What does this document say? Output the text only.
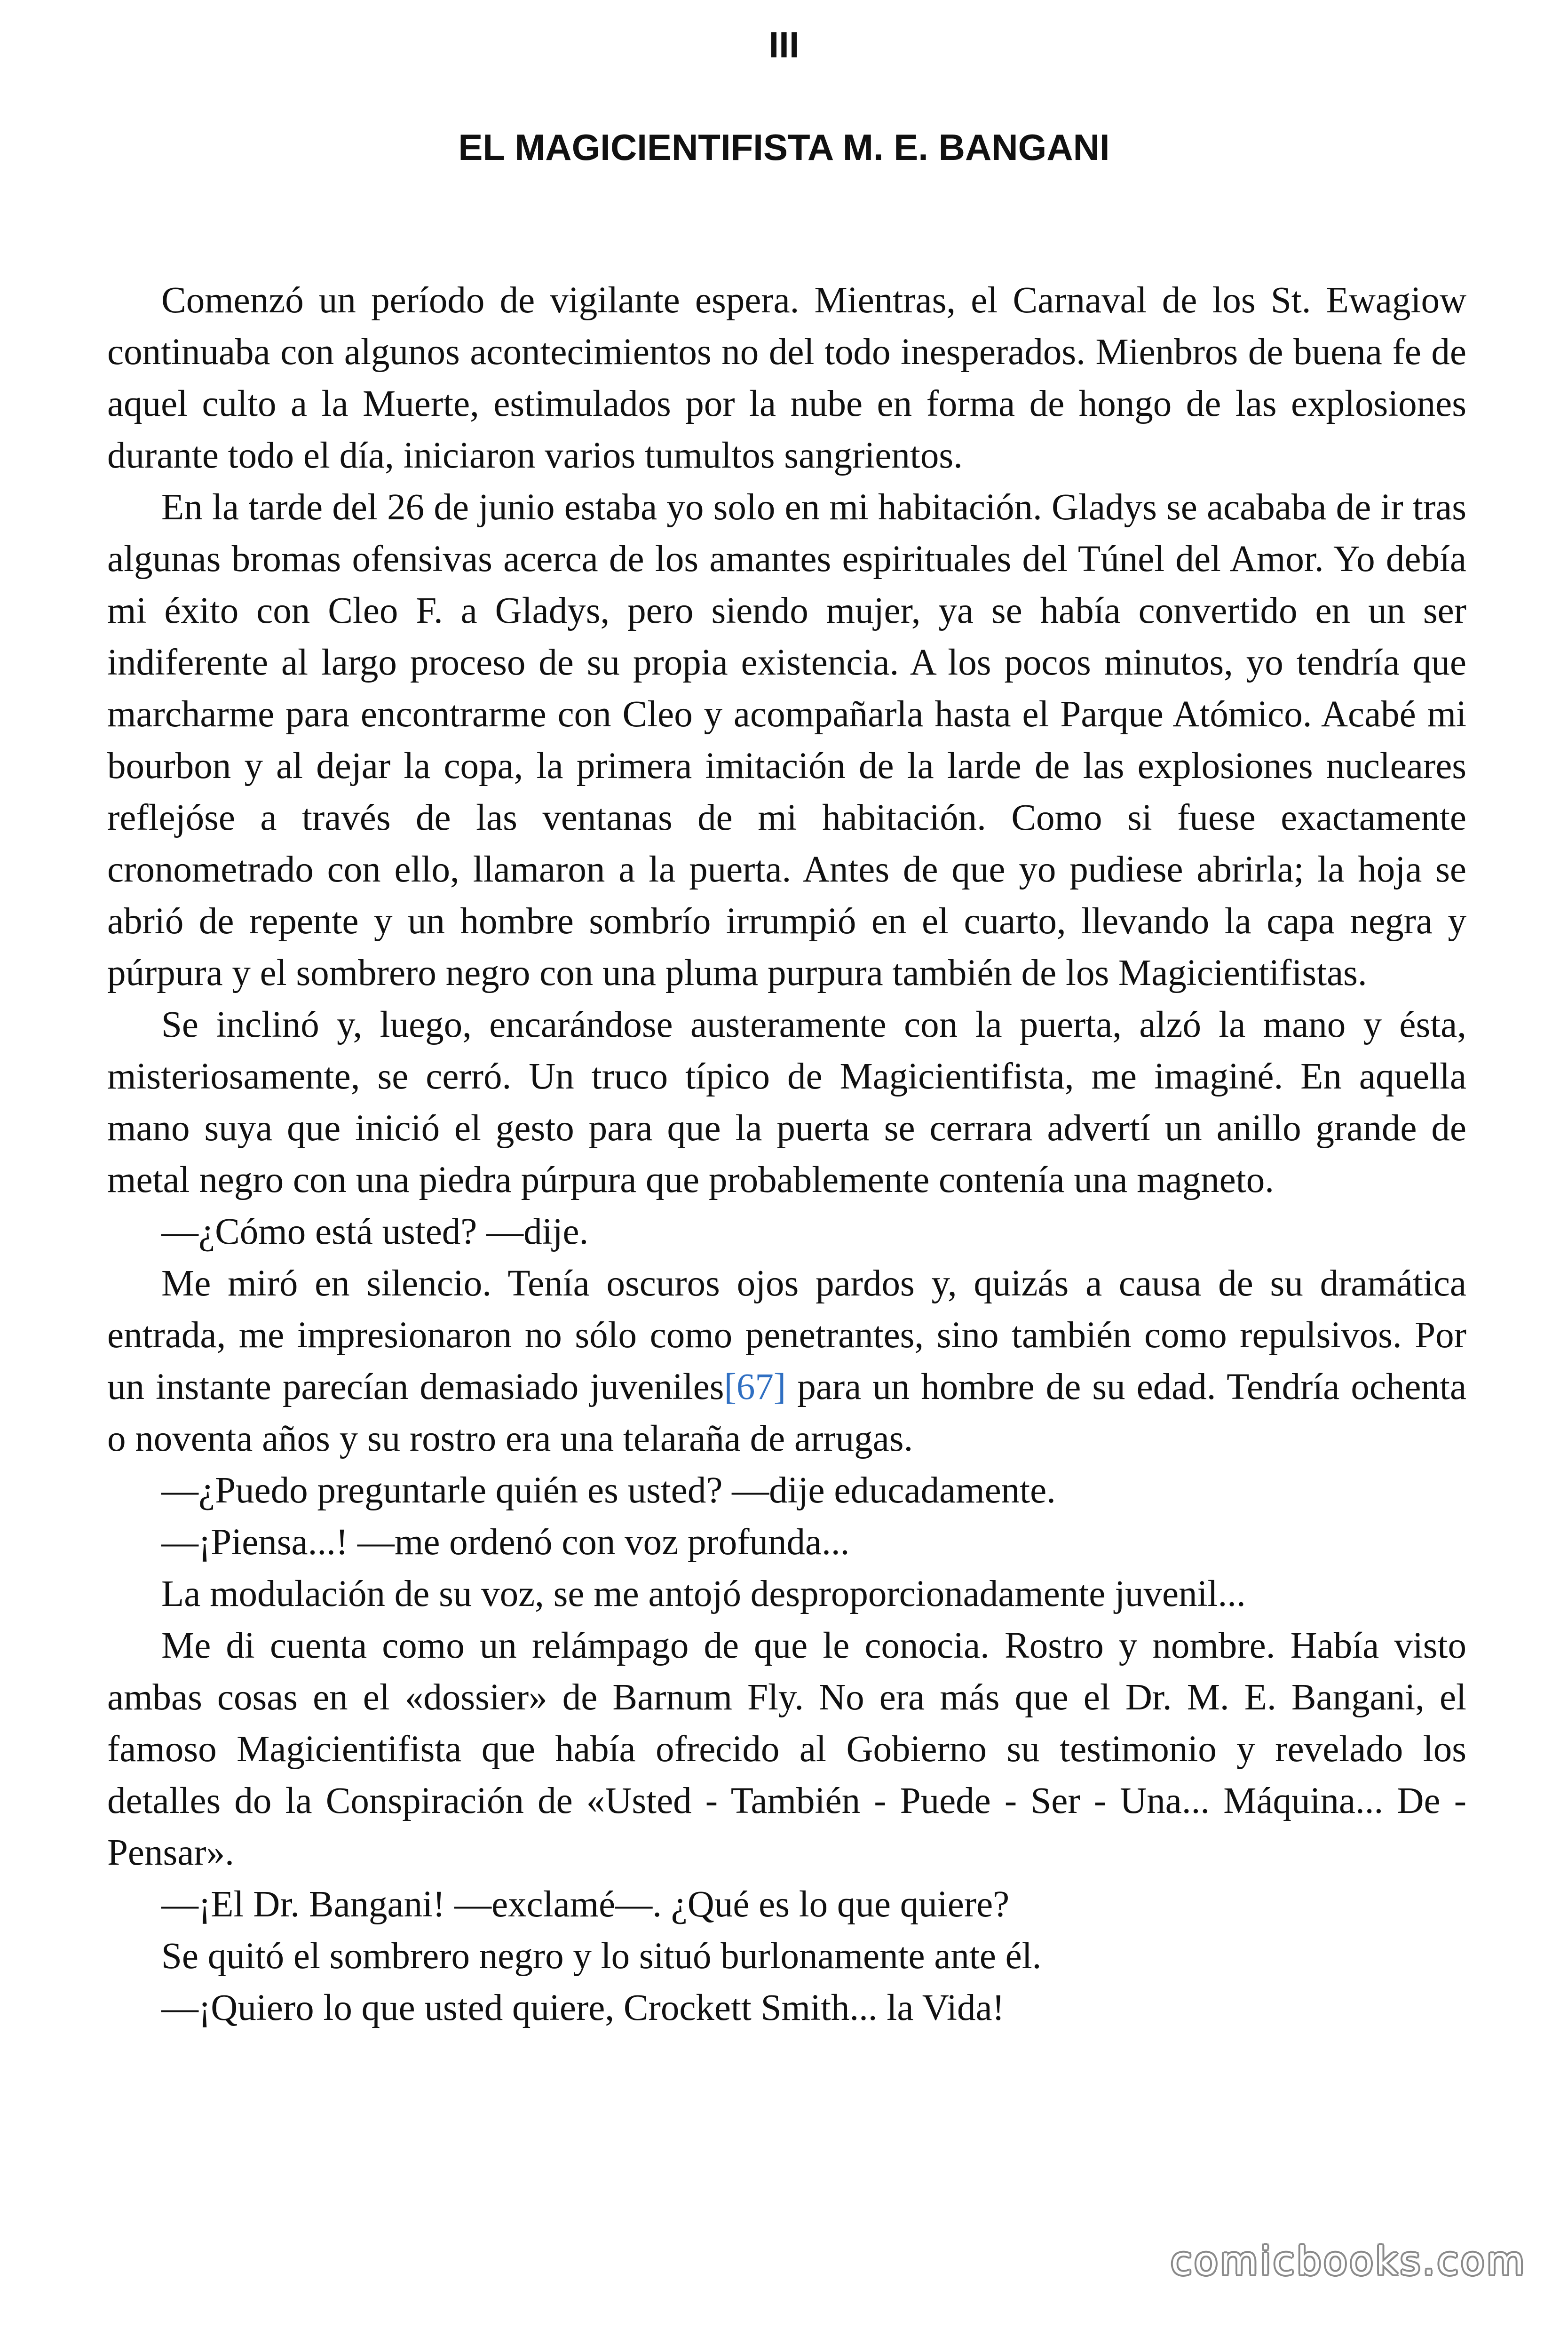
III
EL MAGICIENTIFISTA M. E. BANGANI

Comenzó un período de vigilante espera. Mientras, el Carnaval de los St. Ewagiow continuaba con algunos acontecimientos no del todo inesperados. Mienbros de buena fe de aquel culto a la Muerte, estimulados por la nube en forma de hongo de las explosiones durante todo el día, iniciaron varios tumultos sangrientos.

En la tarde del 26 de junio estaba yo solo en mi habitación. Gladys se acababa de ir tras algunas bromas ofensivas acerca de los amantes espirituales del Túnel del Amor. Yo debía mi éxito con Cleo F. a Gladys, pero siendo mujer, ya se había convertido en un ser indiferente al largo proceso de su propia existencia. A los pocos minutos, yo tendría que marcharme para encontrarme con Cleo y acompañarla hasta el Parque Atómico. Acabé mi bourbon y al dejar la copa, la primera imitación de la larde de las explosiones nucleares reflejóse a través de las ventanas de mi habitación. Como si fuese exactamente cronometrado con ello, llamaron a la puerta. Antes de que yo pudiese abrirla; la hoja se abrió de repente y un hombre sombrío irrumpió en el cuarto, llevando la capa negra y púrpura y el sombrero negro con una pluma purpura también de los Magicientifistas.

Se inclinó y, luego, encarándose austeramente con la puerta, alzó la mano y ésta, misteriosamente, se cerró. Un truco típico de Magicientifista, me imaginé. En aquella mano suya que inició el gesto para que la puerta se cerrara advertí un anillo grande de metal negro con una piedra púrpura que probablemente contenía una magneto.

—¿Cómo está usted? —dije.

Me miró en silencio. Tenía oscuros ojos pardos y, quizás a causa de su dramática entrada, me impresionaron no sólo como penetrantes, sino también como repulsivos. Por un instante parecían demasiado juveniles[67] para un hombre de su edad. Tendría ochenta o noventa años y su rostro era una telaraña de arrugas.

—¿Puedo preguntarle quién es usted? —dije educadamente.

—¡Piensa...! —me ordenó con voz profunda...

La modulación de su voz, se me antojó desproporcionadamente juvenil...

Me di cuenta como un relámpago de que le conocia. Rostro y nombre. Había visto ambas cosas en el «dossier» de Barnum Fly. No era más que el Dr. M. E. Bangani, el famoso Magicientifista que había ofrecido al Gobierno su testimonio y revelado los detalles do la Conspiración de «Usted - También - Puede - Ser - Una... Máquina... De - Pensar».

—¡El Dr. Bangani! —exclamé—. ¿Qué es lo que quiere?

Se quitó el sombrero negro y lo situó burlonamente ante él.

—¡Quiero lo que usted quiere, Crockett Smith... la Vida!

comicbooks.com
